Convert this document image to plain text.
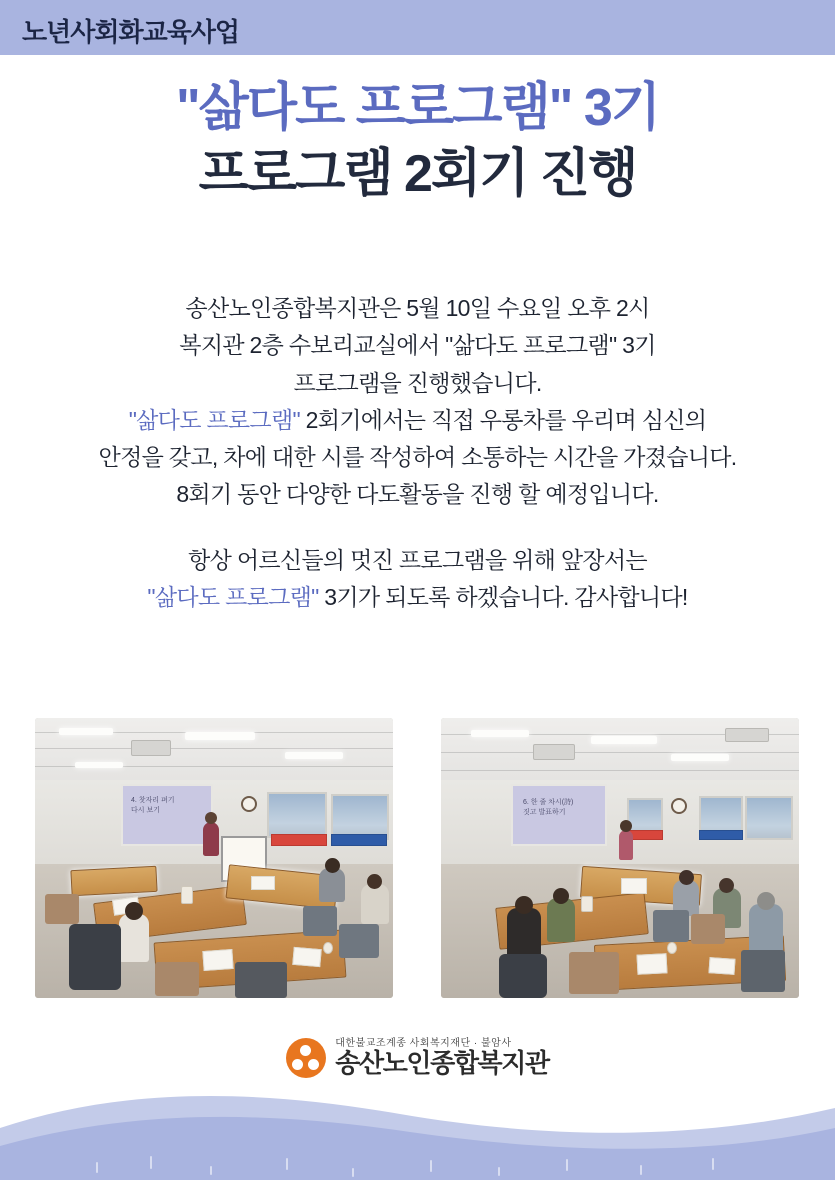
노년사회화교육사업
"삶다도 프로그램" 3기
프로그램 2회기 진행
송산노인종합복지관은 5월 10일 수요일 오후 2시
복지관 2층 수보리교실에서 "삶다도 프로그램" 3기
프로그램을 진행했습니다.
"삶다도 프로그램" 2회기에서는 직접 우롱차를 우리며 심신의
안정을 갖고, 차에 대한 시를 작성하여 소통하는 시간을 가졌습니다.
8회기 동안 다양한 다도활동을 진행 할 예정입니다.
항상 어르신들의 멋진 프로그램을 위해 앞장서는
"삶다도 프로그램" 3기가 되도록 하겠습니다. 감사합니다!
4. 찻자리 펴기
다시 보기
6. 한 줄 차시(詩)
짓고 발표하기
대한불교조계종 사회복지재단 · 불암사
송산노인종합복지관
